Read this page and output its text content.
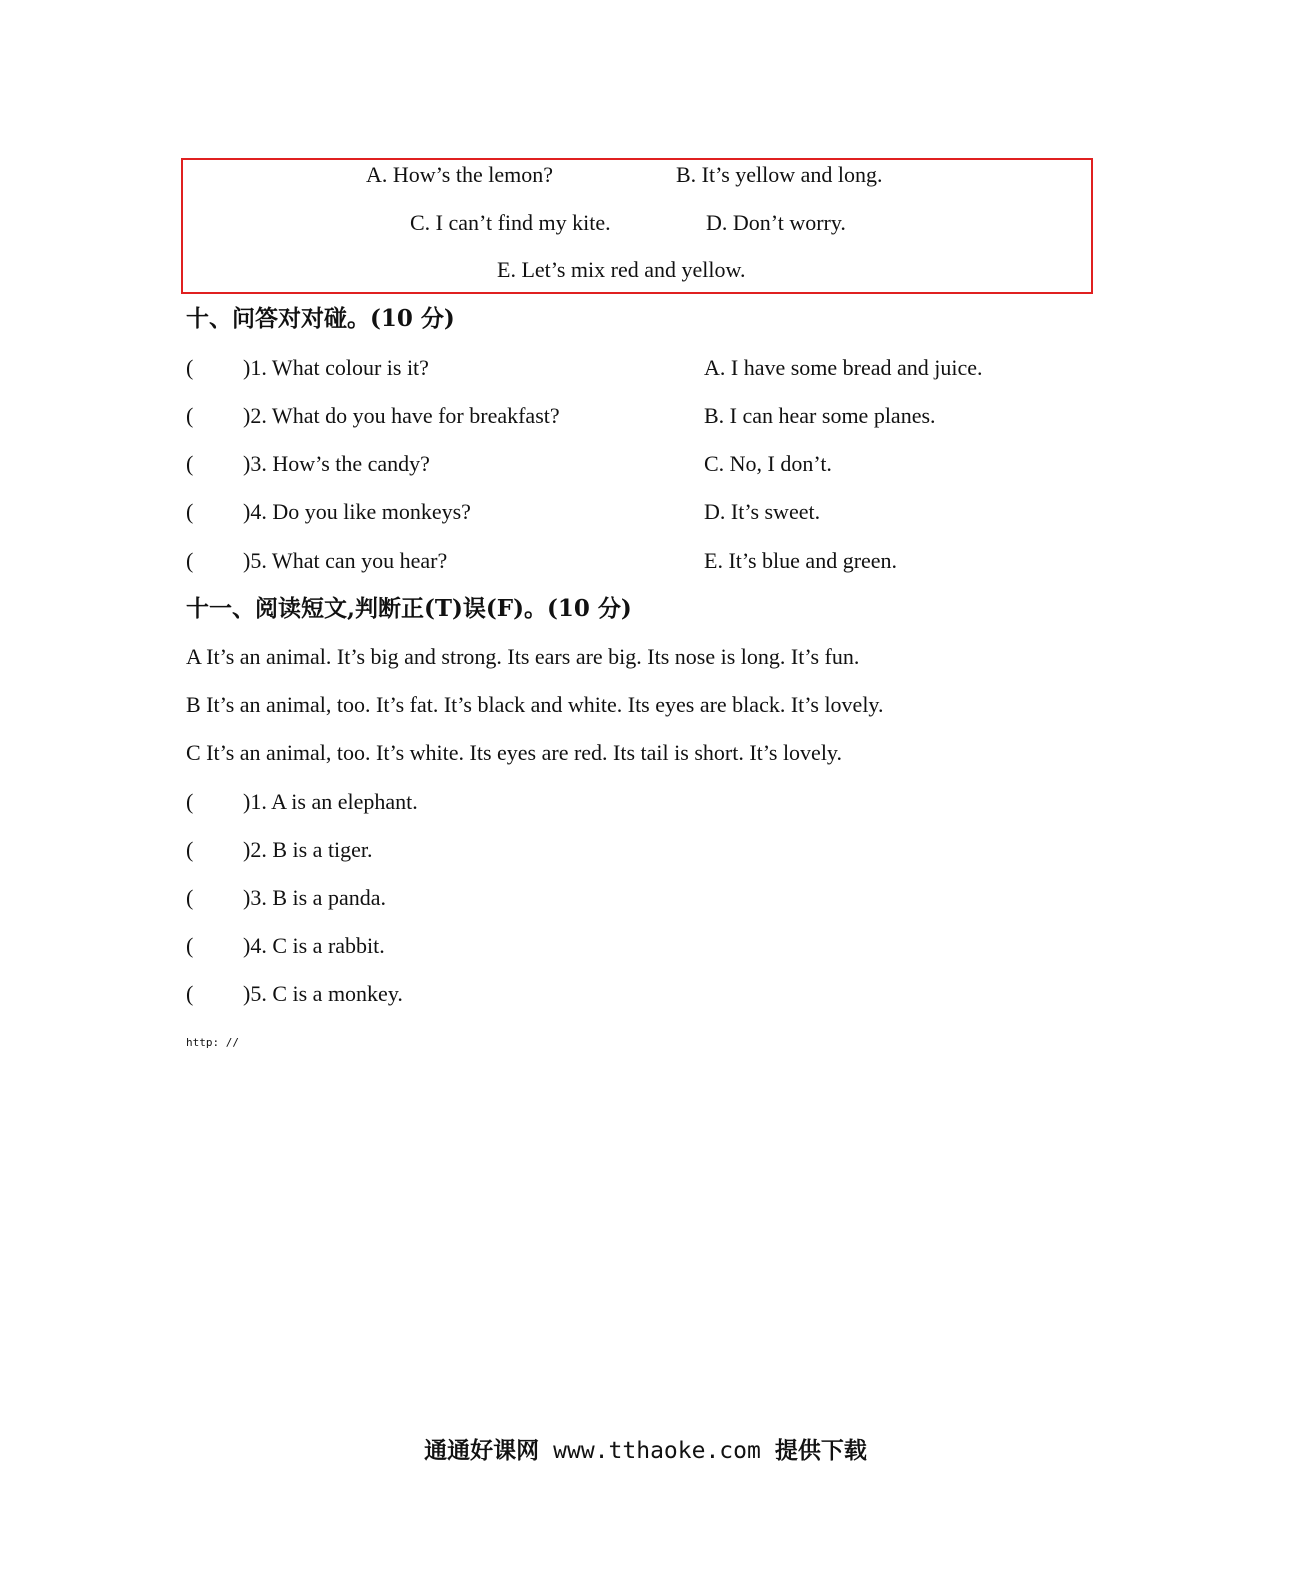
A. How’s the lemon?	B. It’s yellow and long.
C. I can’t find my kite.	D. Don’t worry.
E. Let’s mix red and yellow.
十、问答对对碰。(10 分)
( )1. What colour is it?	A. I have some bread and juice.
( )2. What do you have for breakfast?	B. I can hear some planes.
( )3. How’s the candy?	C. No, I don’t.
( )4. Do you like monkeys?	D. It’s sweet.
( )5. What can you hear?	E. It’s blue and green.
十一、阅读短文,判断正(T)误(F)。(10 分)
A It’s an animal. It’s big and strong. Its ears are big. Its nose is long. It’s fun.
B It’s an animal, too. It’s fat. It’s black and white. Its eyes are black. It’s lovely.
C It’s an animal, too. It’s white. Its eyes are red. Its tail is short. It’s lovely.
( )1. A is an elephant.
( )2. B is a tiger.
( )3. B is a panda.
( )4. C is a rabbit.
( )5. C is a monkey.
http: //
通通好课网 www.tthaoke.com 提供下载
